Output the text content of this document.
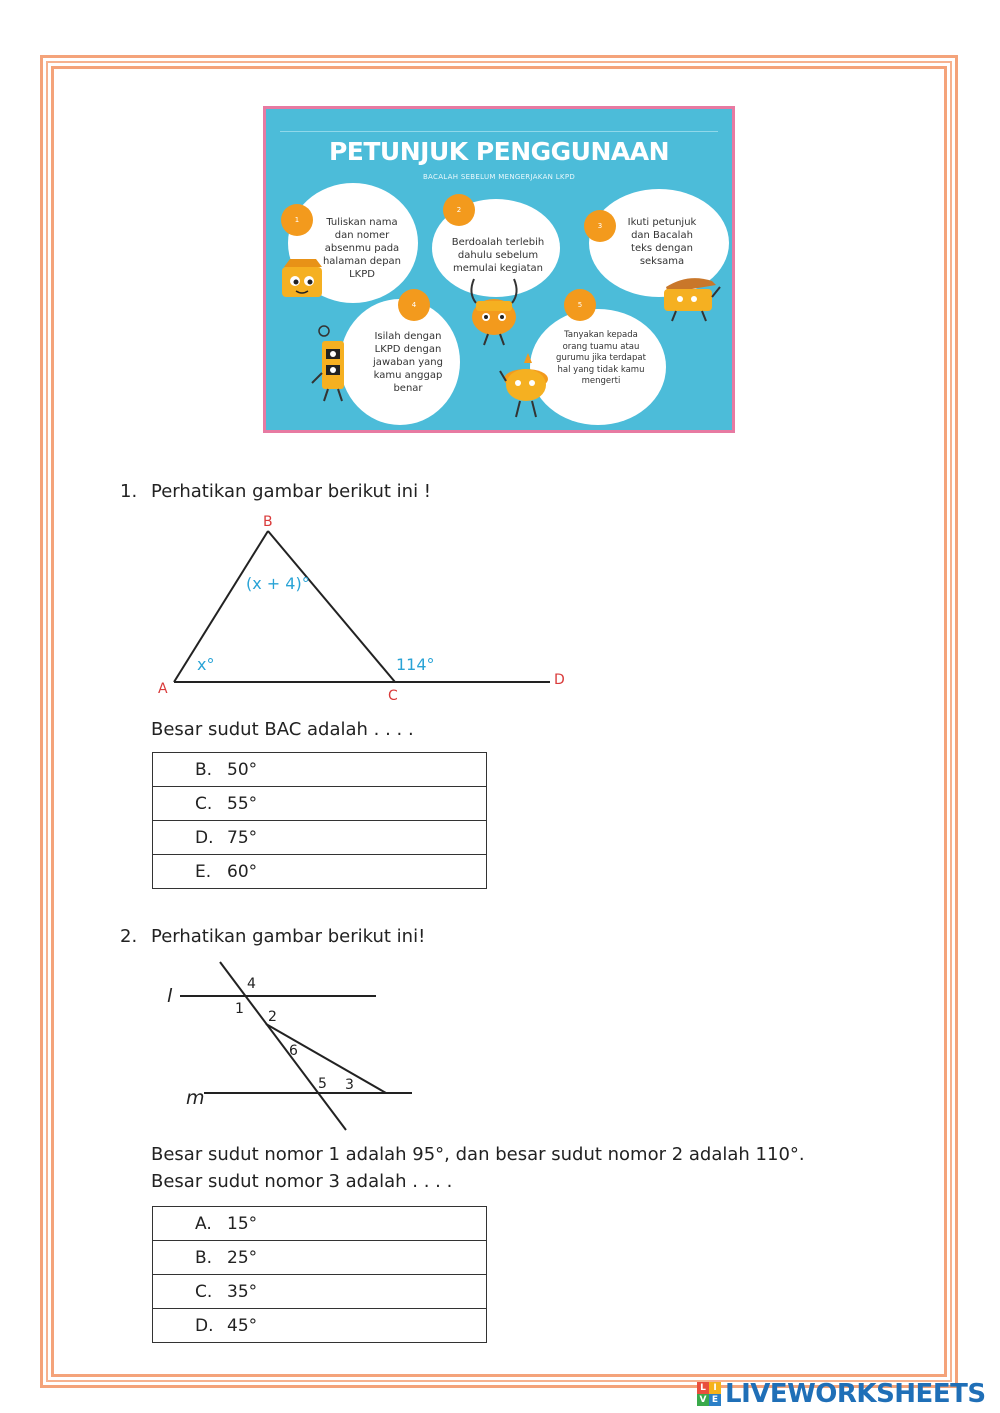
PETUNJUK PENGGUNAAN
BACALAH SEBELUM MENGERJAKAN LKPD
1	Tuliskan nama dan nomer absenmu pada halaman depan LKPD
2
Berdoalah terlebih dahulu sebelum memulai kegiatan
3	Ikuti petunjuk dan Bacalah teks dengan seksama
4
Isilah dengan LKPD dengan jawaban yang kamu anggap benar
5
Tanyakan kepada orang tuamu atau gurumu jika terdapat hal yang tidak kamu mengerti
1. Perhatikan gambar berikut ini !
B
A	C
D
(x + 4)°
x°	114°
Besar sudut BAC adalah . . . .
B. 50°
C. 55°
D. 75°
E. 60°
2. Perhatikan gambar berikut ini!
l
m
1 2
3
4
5
6
Besar sudut nomor 1 adalah 95°, dan besar sudut nomor 2 adalah 110°.
Besar sudut nomor 3 adalah . . . .
A. 15°
B. 25°
C. 35°
D. 45°
L I
V E LIVEWORKSHEETS
